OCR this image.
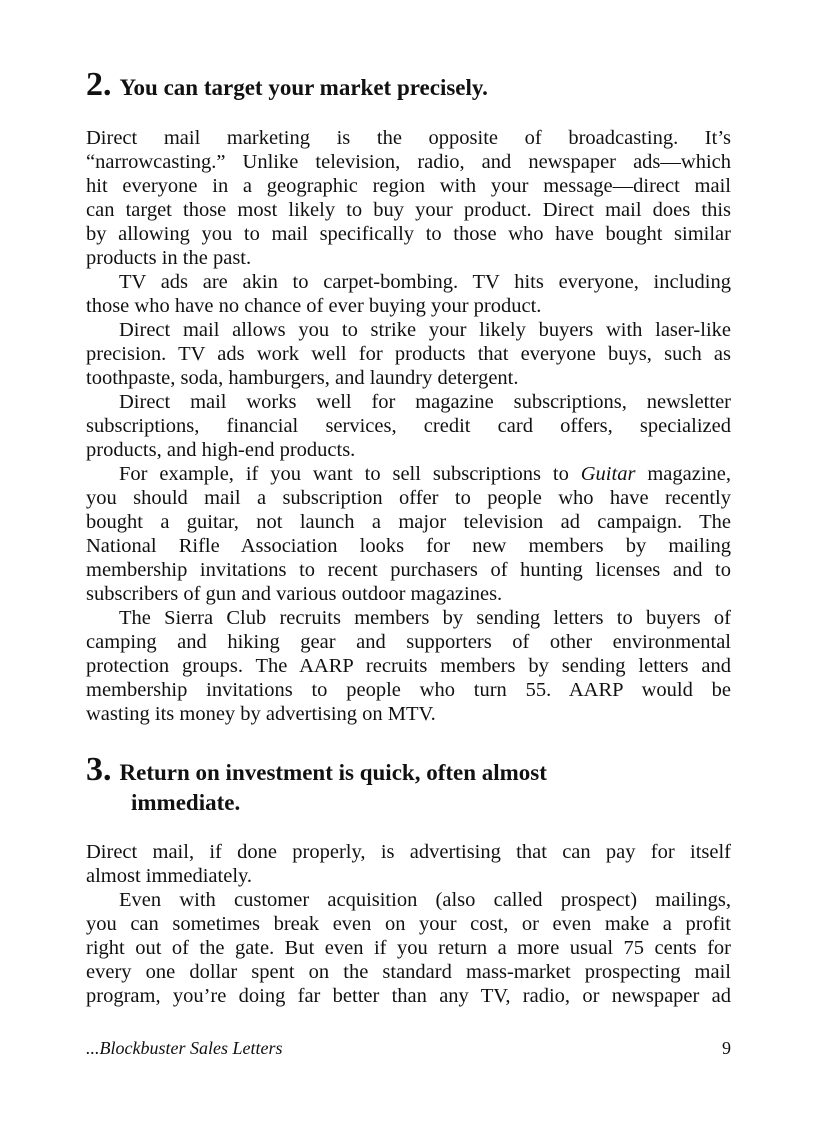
2. You can target your market precisely.
Direct mail marketing is the opposite of broadcasting. It’s
“narrowcasting.” Unlike television, radio, and newspaper ads—which
hit everyone in a geographic region with your message—direct mail
can target those most likely to buy your product. Direct mail does this
by allowing you to mail specifically to those who have bought similar
products in the past.
TV ads are akin to carpet-bombing. TV hits everyone, including
those who have no chance of ever buying your product.
Direct mail allows you to strike your likely buyers with laser-like
precision. TV ads work well for products that everyone buys, such as
toothpaste, soda, hamburgers, and laundry detergent.
Direct mail works well for magazine subscriptions, newsletter
subscriptions, financial services, credit card offers, specialized
products, and high-end products.
For example, if you want to sell subscriptions to Guitar magazine,
you should mail a subscription offer to people who have recently
bought a guitar, not launch a major television ad campaign. The
National Rifle Association looks for new members by mailing
membership invitations to recent purchasers of hunting licenses and to
subscribers of gun and various outdoor magazines.
The Sierra Club recruits members by sending letters to buyers of
camping and hiking gear and supporters of other environmental
protection groups. The AARP recruits members by sending letters and
membership invitations to people who turn 55. AARP would be
wasting its money by advertising on MTV.
3. Return on investment is quick, often almost
immediate.
Direct mail, if done properly, is advertising that can pay for itself
almost immediately.
Even with customer acquisition (also called prospect) mailings,
you can sometimes break even on your cost, or even make a profit
right out of the gate. But even if you return a more usual 75 cents for
every one dollar spent on the standard mass-market prospecting mail
program, you’re doing far better than any TV, radio, or newspaper ad
...Blockbuster Sales Letters	9
